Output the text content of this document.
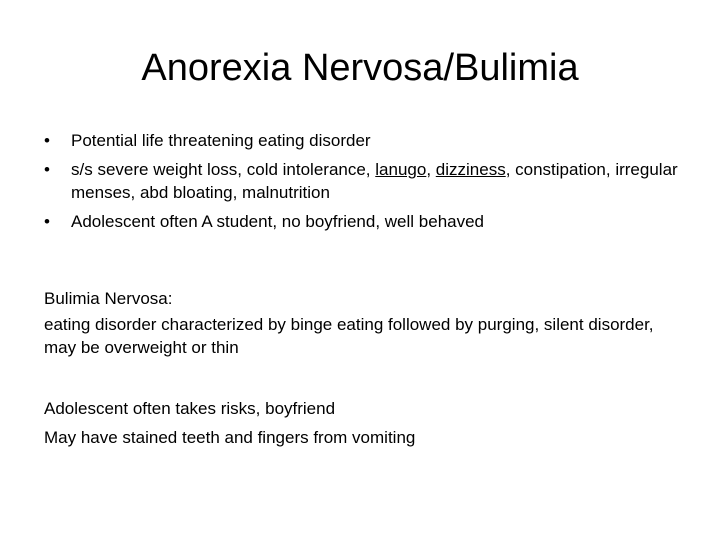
Anorexia Nervosa/Bulimia
• Potential life threatening eating disorder
• s/s severe weight loss, cold intolerance, lanugo, dizziness, constipation, irregular menses, abd bloating, malnutrition
• Adolescent often A student, no boyfriend, well behaved
Bulimia Nervosa:
eating disorder characterized by binge eating followed by purging, silent disorder, may be overweight or thin
Adolescent often takes risks, boyfriend
May have stained teeth and fingers from vomiting
